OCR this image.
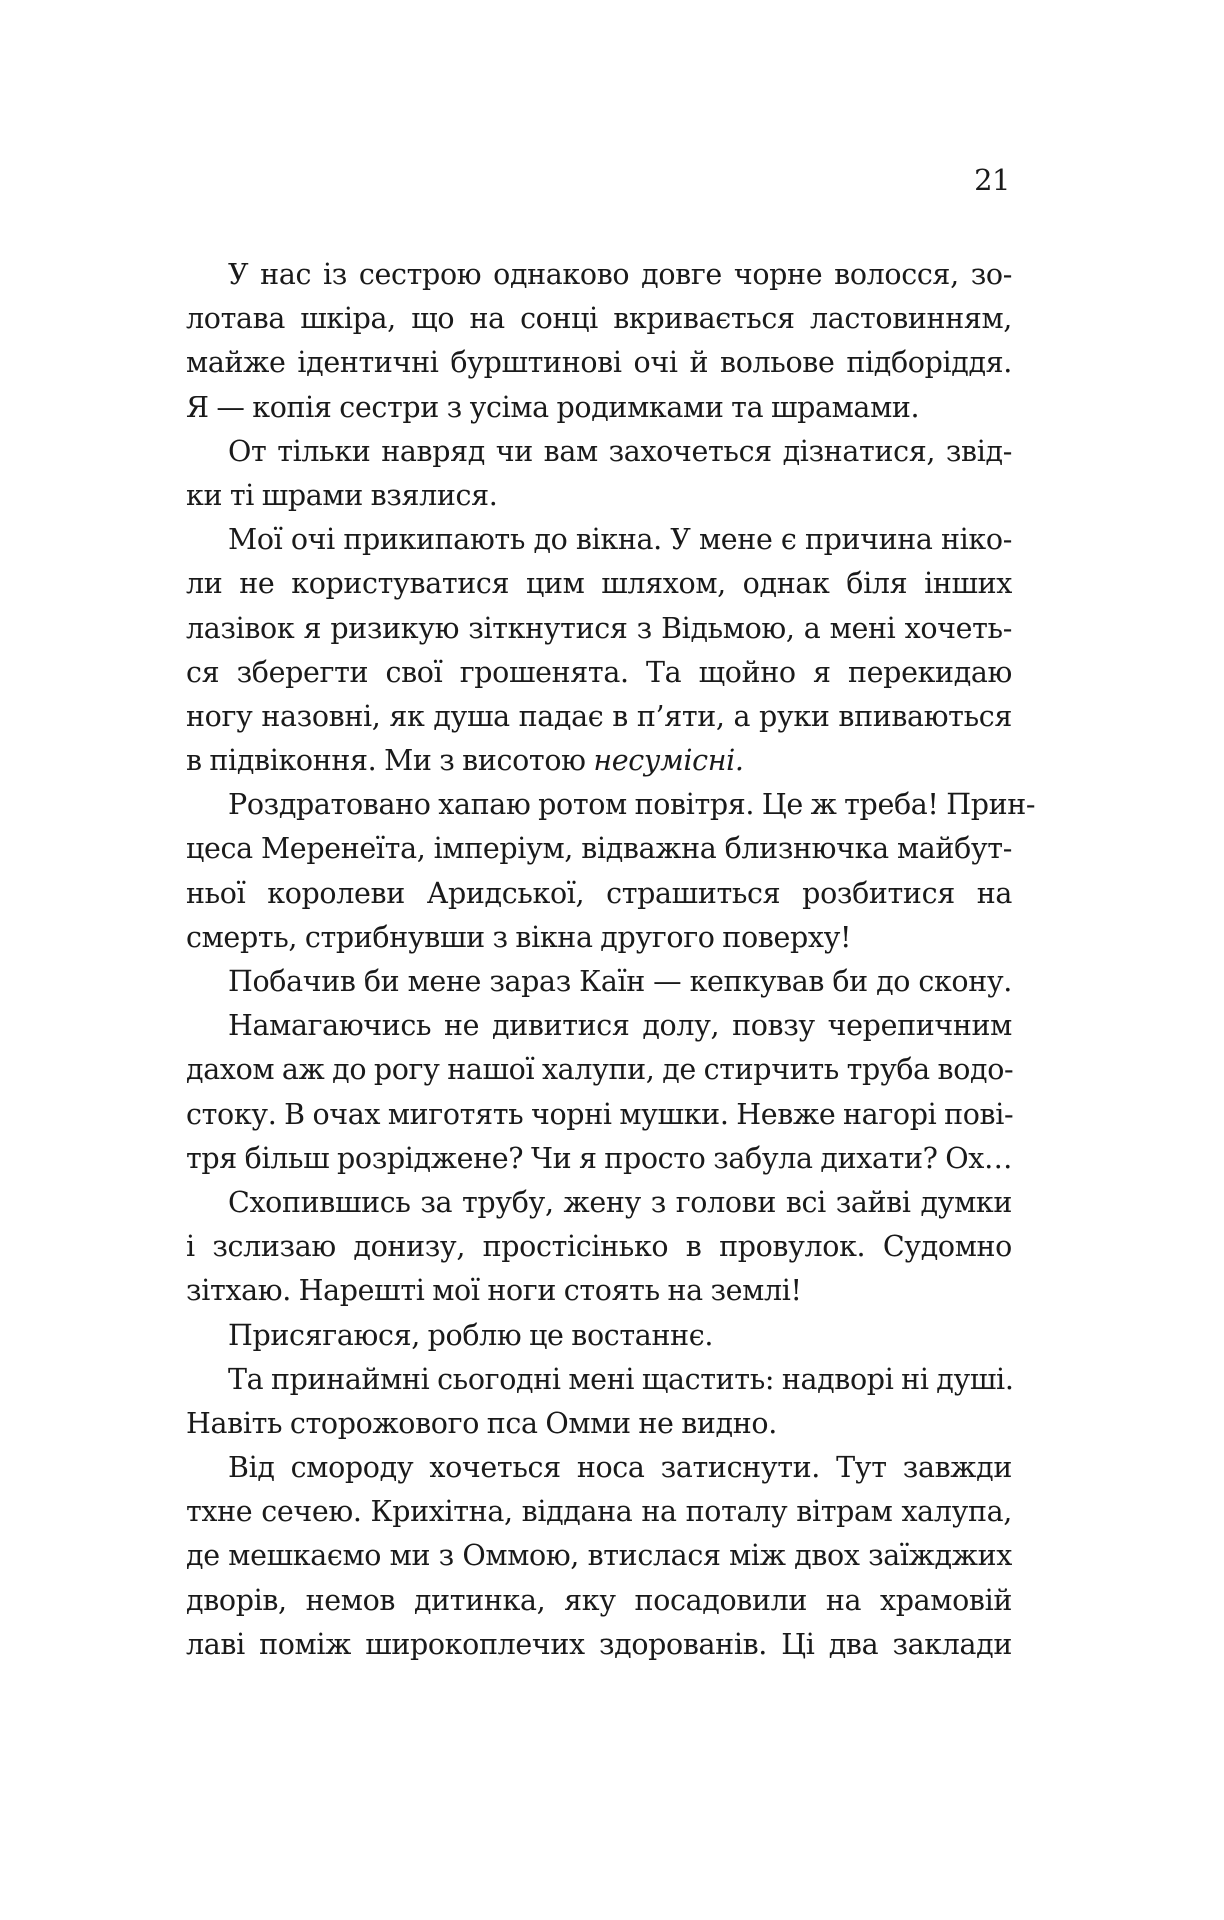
21
У нас із сестрою однаково довге чорне волосся, зо-
лотава шкіра, що на сонці вкривається ластовинням,
майже ідентичні бурштинові очі й вольове підборіддя.
Я — копія сестри з усіма родимками та шрамами.
От тільки навряд чи вам захочеться дізнатися, звід-
ки ті шрами взялися.
Мої очі прикипають до вікна. У мене є причина ніко-
ли не користуватися цим шляхом, однак біля інших
лазівок я ризикую зіткнутися з Відьмою, а мені хочеть-
ся зберегти свої грошенята. Та щойно я перекидаю
ногу назовні, як душа падає в п’яти, а руки впиваються
в підвіконня. Ми з висотою несумісні.
Роздратовано хапаю ротом повітря. Це ж треба! Прин-
цеса Меренеїта, імперіум, відважна близнючка майбут-
ньої королеви Аридської, страшиться розбитися на
смерть, стрибнувши з вікна другого поверху!
Побачив би мене зараз Каїн — кепкував би до скону.
Намагаючись не дивитися долу, повзу черепичним
дахом аж до рогу нашої халупи, де стирчить труба водо-
стоку. В очах миготять чорні мушки. Невже нагорі пові-
тря більш розріджене? Чи я просто забула дихати? Ох…
Схопившись за трубу, жену з голови всі зайві думки
і зслизаю донизу, простісінько в провулок. Судомно
зітхаю. Нарешті мої ноги стоять на землі!
Присягаюся, роблю це востаннє.
Та принаймні сьогодні мені щастить: надворі ні душі.
Навіть сторожового пса Омми не видно.
Від смороду хочеться носа затиснути. Тут завжди
тхне сечею. Крихітна, віддана на поталу вітрам халупа,
де мешкаємо ми з Оммою, втислася між двох заїжджих
дворів, немов дитинка, яку посадовили на храмовій
лаві поміж широкоплечих здорованів. Ці два заклади
